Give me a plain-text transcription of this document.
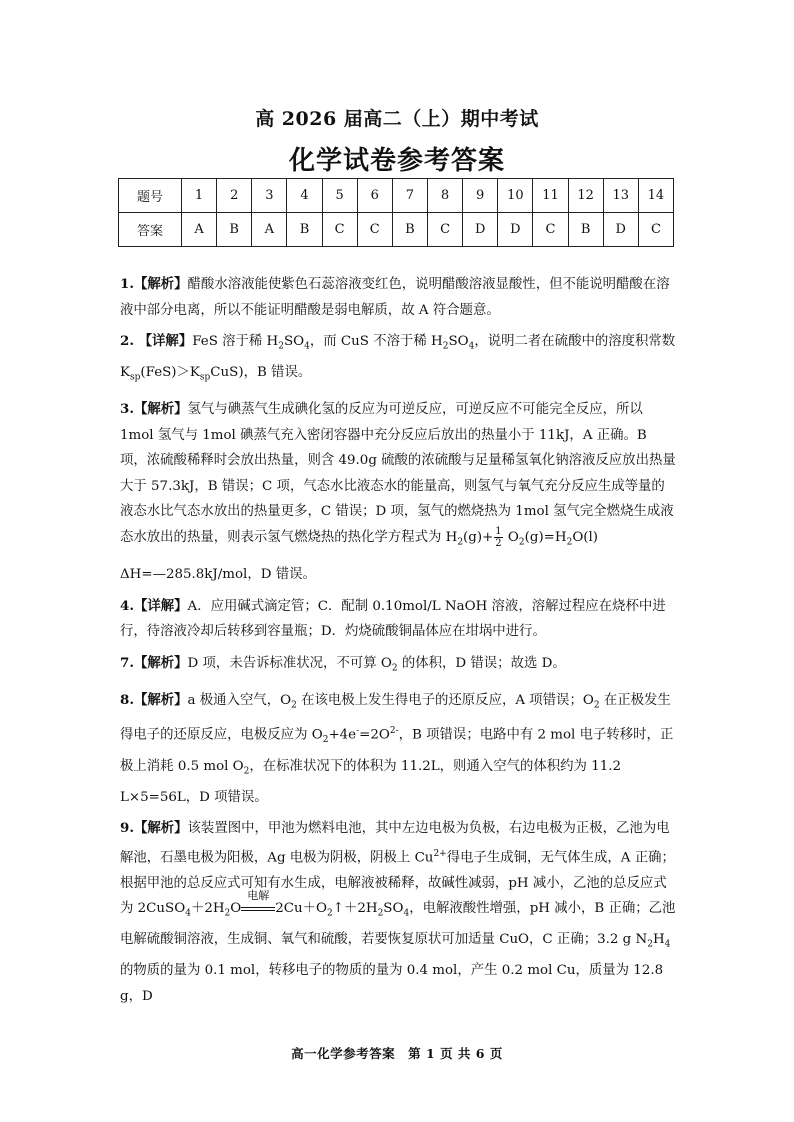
高 2026 届高二（上）期中考试
化学试卷参考答案
题号	1	2	3	4	5	6	7	8	9	10	11	12	13	14
答案	A	B	A	B	C	C	B	C	D	D	C	B	D	C

1.【解析】醋酸水溶液能使紫色石蕊溶液变红色，说明醋酸溶液显酸性，但不能说明醋酸在溶液中部分电离，所以不能证明醋酸是弱电解质，故 A 符合题意。

2. 【详解】FeS 溶于稀 $H_2SO_4$，而 CuS 不溶于稀 $H_2SO_4$，说明二者在硫酸中的溶度积常数 $K_{sp}(FeS)>K_{sp}CuS$)，B 错误。

3.【解析】氢气与碘蒸气生成碘化氢的反应为可逆反应，可逆反应不可能完全反应，所以 1mol 氢气与 1mol 碘蒸气充入密闭容器中充分反应后放出的热量小于 11kJ，A 正确。B 项，浓硫酸稀释时会放出热量，则含 49.0g 硫酸的浓硫酸与足量稀氢氧化钠溶液反应放出热量大于 57.3kJ，B 错误；C 项，气态水比液态水的能量高，则氢气与氧气充分反应生成等量的液态水比气态水放出的热量更多，C 错误；D 项，氢气的燃烧热为 1mol 氢气完全燃烧生成液态水放出的热量，则表示氢气燃烧热的热化学方程式为 $H_2(g)+ \frac{1}{2} O_2(g)=H_2O(l)$

ΔH=—285.8kJ/mol，D 错误。

4.【详解】A．应用碱式滴定管；C．配制 0.10mol/L NaOH 溶液，溶解过程应在烧杯中进行，待溶液冷却后转移到容量瓶；D．灼烧硫酸铜晶体应在坩埚中进行。

7.【解析】D 项，未告诉标准状况，不可算 $O_2$ 的体积，D 错误；故选 D。

8.【解析】a 极通入空气，$O_2$ 在该电极上发生得电子的还原反应，A 项错误；$O_2$ 在正极发生得电子的还原反应，电极反应为 $O_2+4e^-=2O^{2-}$，B 项错误；电路中有 2 mol 电子转移时，正极上消耗 0.5 mol $O_2$，在标准状况下的体积为 11.2L，则通入空气的体积约为 11.2 L×5=56L，D 项错误。

9.【解析】该装置图中，甲池为燃料电池，其中左边电极为负极，右边电极为正极，乙池为电解池，石墨电极为阳极，Ag 电极为阴极，阴极上 $Cu^{2+}$得电子生成铜，无气体生成，A 正确；根据甲池的总反应式可知有水生成，电解液被稀释，故碱性减弱，pH 减小，乙池的总反应式为 $2CuSO_4+2H_2O$
电解
$2Cu+O_2↑+2H_2SO_4$，电解液酸性增强，pH 减小，B 正确；乙池电解硫酸铜溶液，生成铜、氧气和硫酸，若要恢复原状可加适量 CuO，C 正确；3.2 g $N_2H_4$ 的物质的量为 0.1 mol，转移电子的物质的量为 0.4 mol，产生 0.2 mol Cu，质量为 12.8 g，D

高一化学参考答案　第 1 页 共 6 页
